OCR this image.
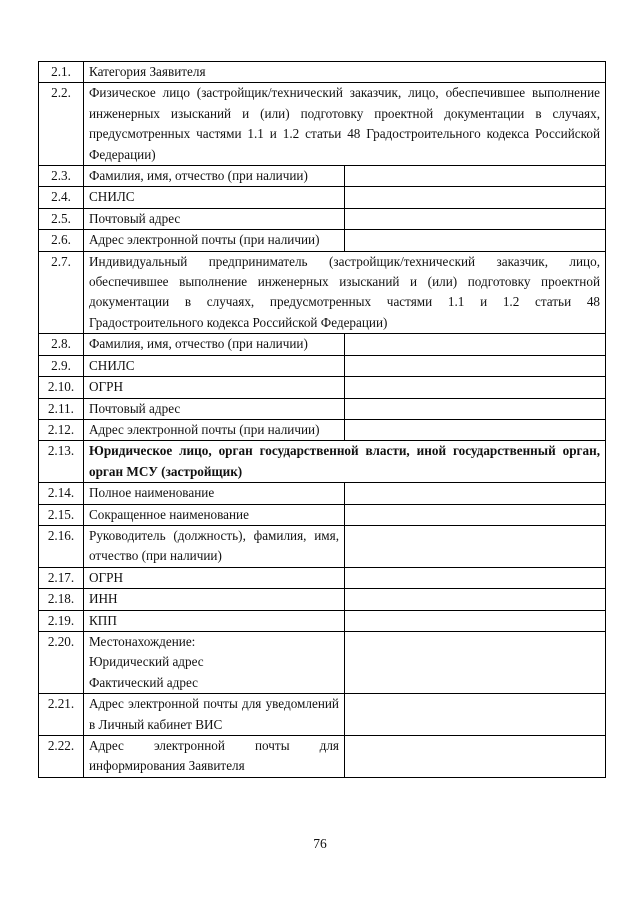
2.1.	Категория Заявителя	
2.2.	Физическое лицо (застройщик/технический заказчик, лицо, обеспечившее выполнение инженерных изысканий и (или) подготовку проектной документации в случаях, предусмотренных частями 1.1 и 1.2 статьи 48 Градостроительного кодекса Российской Федерации)	
2.3.	Фамилия, имя, отчество (при наличии)	
2.4.	СНИЛС	
2.5.	Почтовый адрес	
2.6.	Адрес электронной почты (при наличии)	
2.7.	Индивидуальный предприниматель (застройщик/технический заказчик, лицо, обеспечившее выполнение инженерных изысканий и (или) подготовку проектной документации в случаях, предусмотренных частями 1.1 и 1.2 статьи 48 Градостроительного кодекса Российской Федерации)	
2.8.	Фамилия, имя, отчество (при наличии)	
2.9.	СНИЛС	
2.10.	ОГРН	
2.11.	Почтовый адрес	
2.12.	Адрес электронной почты (при наличии)	
2.13.	Юридическое лицо, орган государственной власти, иной государственный орган, орган МСУ (застройщик)	
2.14.	Полное наименование	
2.15.	Сокращенное наименование	
2.16.	Руководитель (должность), фамилия, имя, отчество (при наличии)	
2.17.	ОГРН	
2.18.	ИНН	
2.19.	КПП	
2.20.	Местонахождение:
Юридический адрес
Фактический адрес	

2.21.	Адрес электронной почты для уведомлений в Личный кабинет ВИС	
2.22.	Адрес электронной почты для информирования Заявителя	
76
